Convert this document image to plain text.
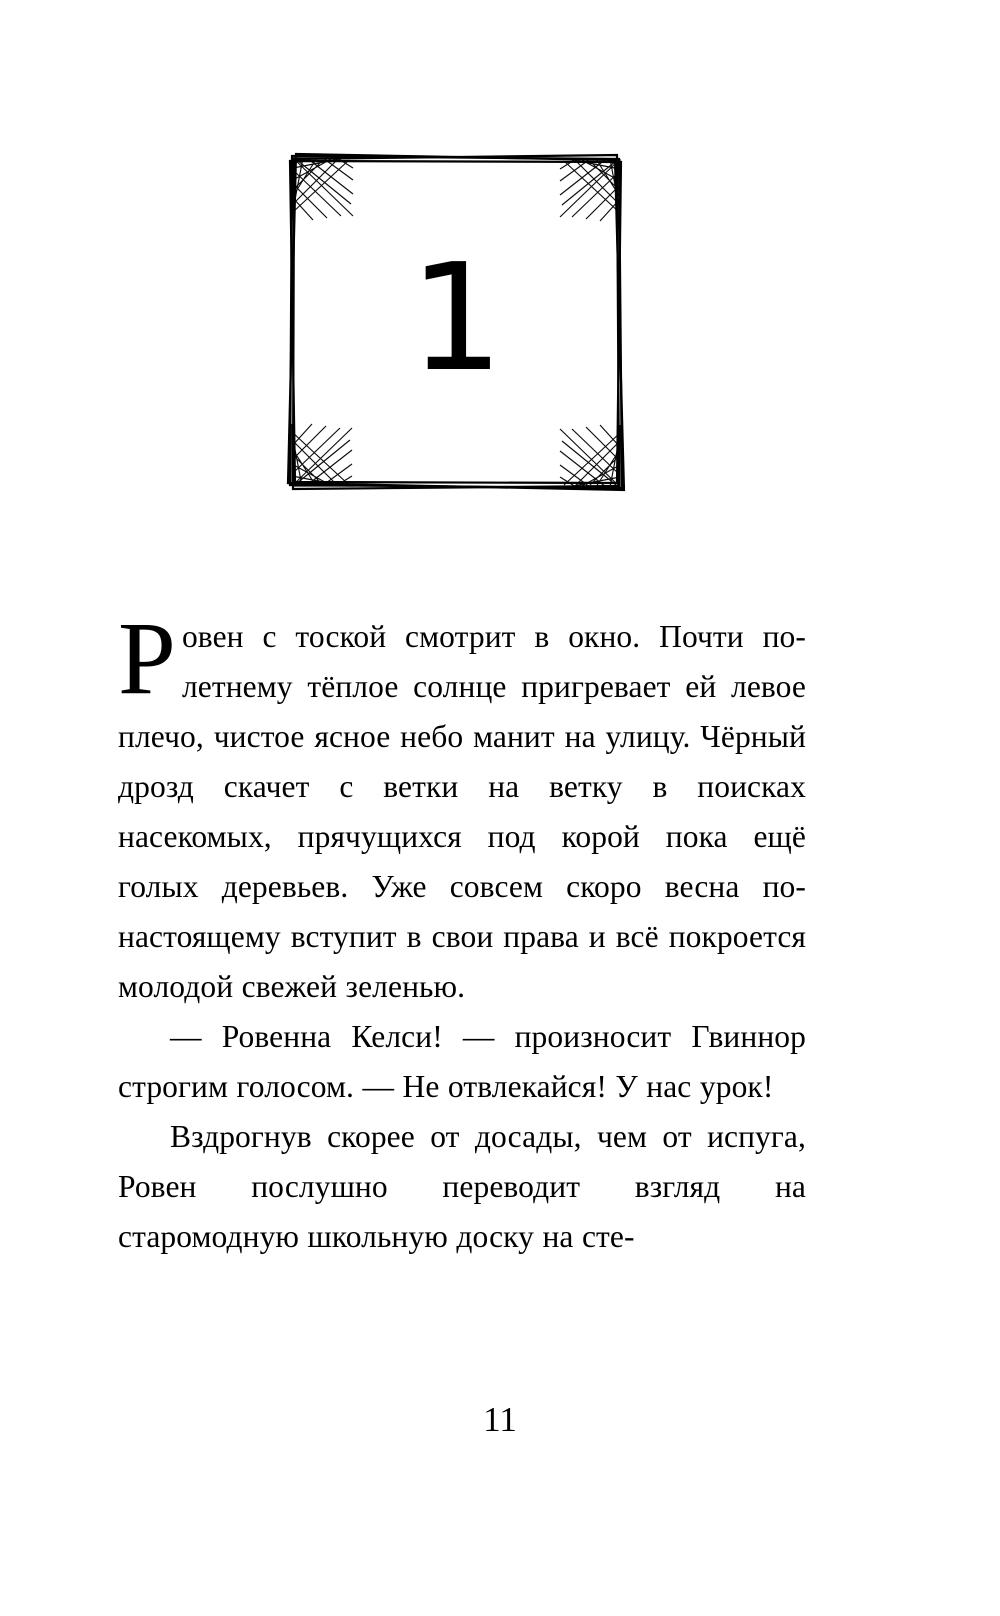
1

Ровен с тоской смотрит в окно. Почти по-летнему тёплое солнце пригревает ей левое плечо, чистое ясное небо манит на улицу. Чёрный дрозд скачет с ветки на ветку в поисках насекомых, прячущихся под корой пока ещё голых деревьев. Уже совсем скоро весна по-настоящему вступит в свои права и всё покроется молодой свежей зеленью.

— Ровенна Келси! — произносит Гвиннор строгим голосом. — Не отвлекайся! У нас урок!

Вздрогнув скорее от досады, чем от испуга, Ровен послушно переводит взгляд на старомодную школьную доску на сте-

11
